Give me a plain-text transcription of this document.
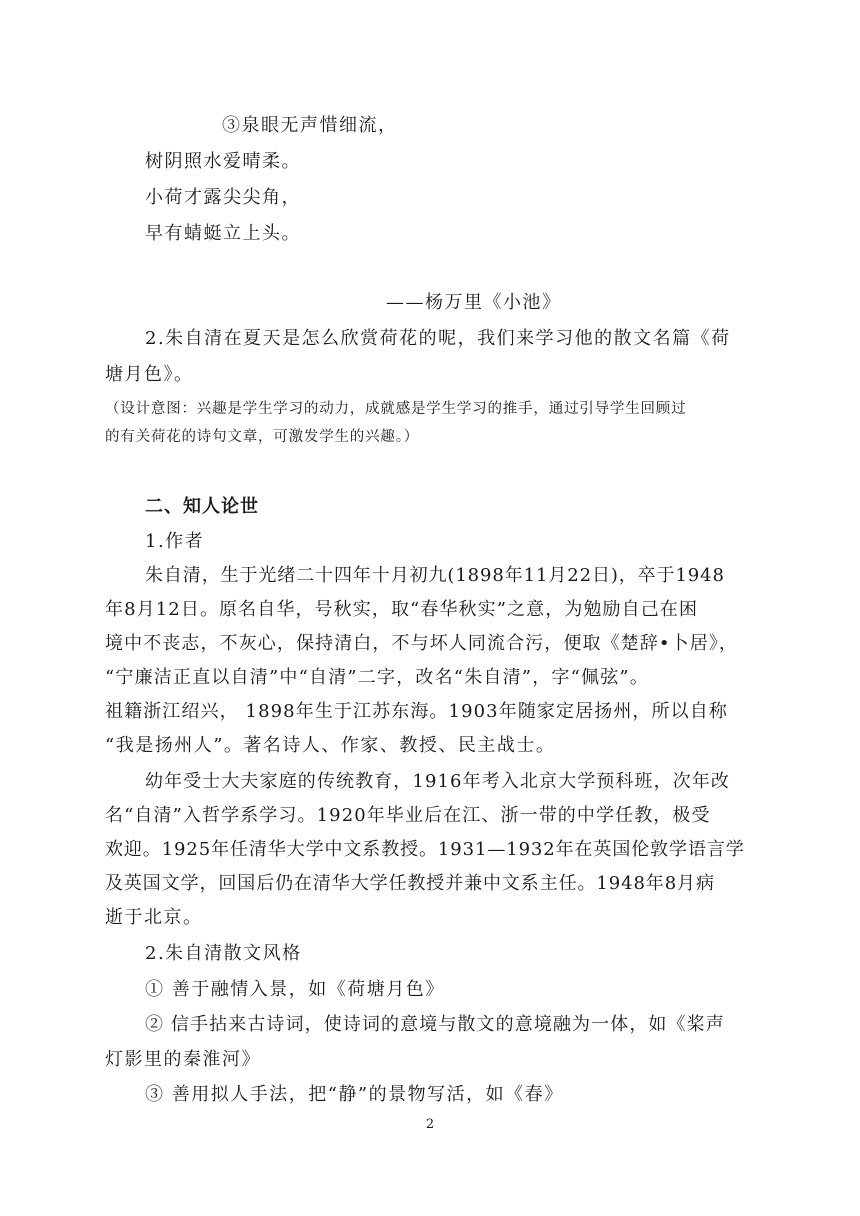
③泉眼无声惜细流，
树阴照水爱晴柔。
小荷才露尖尖角，
早有蜻蜓立上头。
——杨万里《小池》
2.朱自清在夏天是怎么欣赏荷花的呢，我们来学习他的散文名篇《荷
塘月色》。
（设计意图：兴趣是学生学习的动力，成就感是学生学习的推手，通过引导学生回顾过
的有关荷花的诗句文章，可激发学生的兴趣。）
二、知人论世
1.作者
朱自清，生于光绪二十四年十月初九(1898年11月22日)，卒于1948
年8月12日。原名自华，号秋实，取“春华秋实”之意，为勉励自己在困
境中不丧志，不灰心，保持清白，不与坏人同流合污，便取《楚辞•卜居》，
“宁廉洁正直以自清”中“自清”二字，改名“朱自清”，字“佩弦”。
祖籍浙江绍兴， 1898年生于江苏东海。1903年随家定居扬州，所以自称
“我是扬州人”。著名诗人、作家、教授、民主战士。
幼年受士大夫家庭的传统教育，1916年考入北京大学预科班，次年改
名“自清”入哲学系学习。1920年毕业后在江、浙一带的中学任教，极受
欢迎。1925年任清华大学中文系教授。1931—1932年在英国伦敦学语言学
及英国文学，回国后仍在清华大学任教授并兼中文系主任。1948年8月病
逝于北京。
2.朱自清散文风格
① 善于融情入景，如《荷塘月色》
② 信手拈来古诗词，使诗词的意境与散文的意境融为一体，如《桨声
灯影里的秦淮河》
③ 善用拟人手法，把“静”的景物写活，如《春》
2
